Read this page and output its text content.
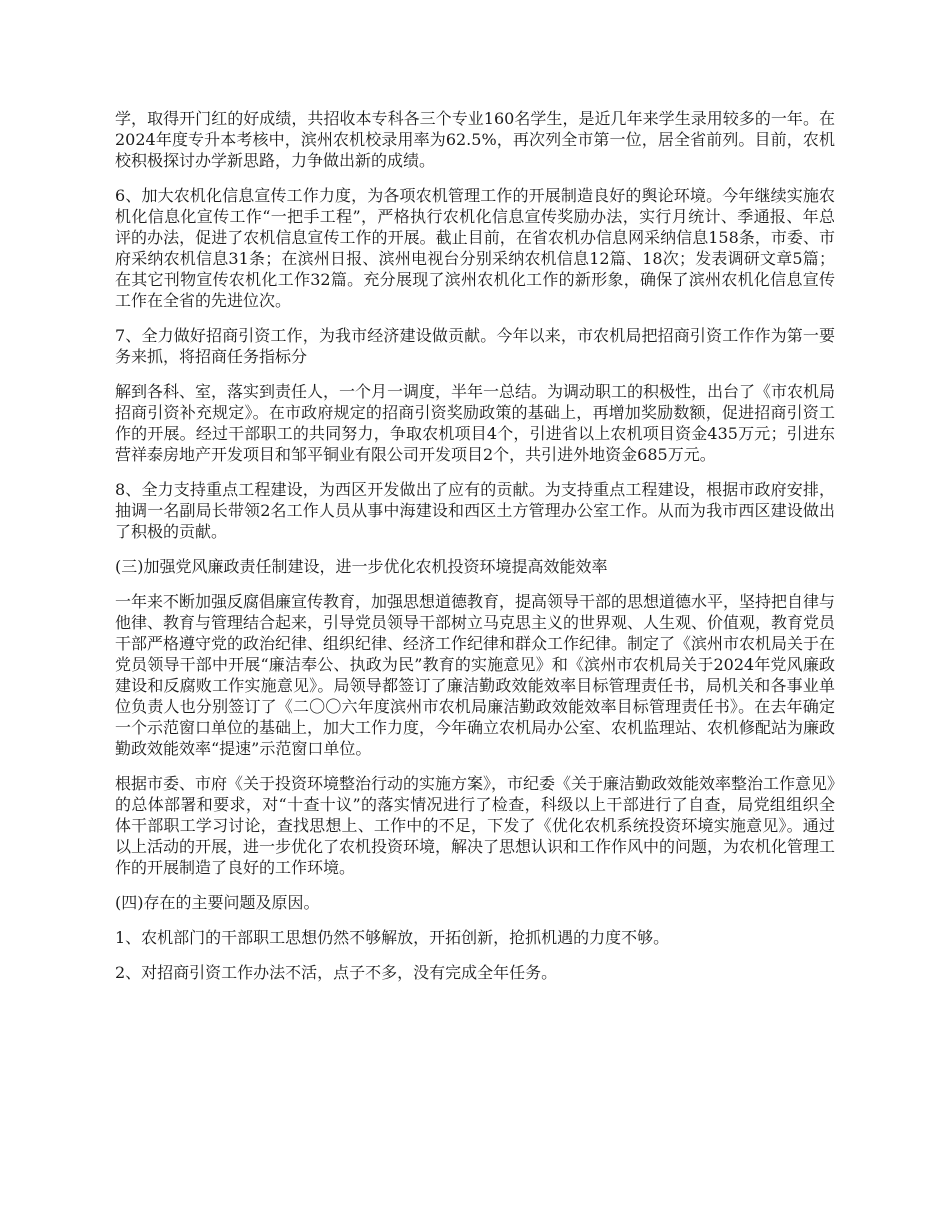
学，取得开门红的好成绩，共招收本专科各三个专业160名学生，是近几年来学生录用较多的一年。在2024年度专升本考核中，滨州农机校录用率为62.5%，再次列全市第一位，居全省前列。目前，农机校积极探讨办学新思路，力争做出新的成绩。

6、加大农机化信息宣传工作力度，为各项农机管理工作的开展制造良好的舆论环境。今年继续实施农机化信息化宣传工作“一把手工程”，严格执行农机化信息宣传奖励办法，实行月统计、季通报、年总评的办法，促进了农机信息宣传工作的开展。截止目前，在省农机办信息网采纳信息158条，市委、市府采纳农机信息31条；在滨州日报、滨州电视台分别采纳农机信息12篇、18次；发表调研文章5篇；在其它刊物宣传农机化工作32篇。充分展现了滨州农机化工作的新形象，确保了滨州农机化信息宣传工作在全省的先进位次。

7、全力做好招商引资工作，为我市经济建设做贡献。今年以来，市农机局把招商引资工作作为第一要务来抓，将招商任务指标分

解到各科、室，落实到责任人，一个月一调度，半年一总结。为调动职工的积极性，出台了《市农机局招商引资补充规定》。在市政府规定的招商引资奖励政策的基础上，再增加奖励数额，促进招商引资工作的开展。经过干部职工的共同努力，争取农机项目4个，引进省以上农机项目资金435万元；引进东营祥泰房地产开发项目和邹平铜业有限公司开发项目2个，共引进外地资金685万元。

8、全力支持重点工程建设，为西区开发做出了应有的贡献。为支持重点工程建设，根据市政府安排，抽调一名副局长带领2名工作人员从事中海建设和西区土方管理办公室工作。从而为我市西区建设做出了积极的贡献。

(三)加强党风廉政责任制建设，进一步优化农机投资环境提高效能效率

一年来不断加强反腐倡廉宣传教育，加强思想道德教育，提高领导干部的思想道德水平，坚持把自律与他律、教育与管理结合起来，引导党员领导干部树立马克思主义的世界观、人生观、价值观，教育党员干部严格遵守党的政治纪律、组织纪律、经济工作纪律和群众工作纪律。制定了《滨州市农机局关于在党员领导干部中开展“廉洁奉公、执政为民”教育的实施意见》和《滨州市农机局关于2024年党风廉政建设和反腐败工作实施意见》。局领导都签订了廉洁勤政效能效率目标管理责任书，局机关和各事业单位负责人也分别签订了《二〇〇六年度滨州市农机局廉洁勤政效能效率目标管理责任书》。在去年确定一个示范窗口单位的基础上，加大工作力度，今年确立农机局办公室、农机监理站、农机修配站为廉政勤政效能效率“提速”示范窗口单位。

根据市委、市府《关于投资环境整治行动的实施方案》，市纪委《关于廉洁勤政效能效率整治工作意见》的总体部署和要求，对“十查十议”的落实情况进行了检查，科级以上干部进行了自查，局党组组织全体干部职工学习讨论，查找思想上、工作中的不足，下发了《优化农机系统投资环境实施意见》。通过以上活动的开展，进一步优化了农机投资环境，解决了思想认识和工作作风中的问题，为农机化管理工作的开展制造了良好的工作环境。

(四)存在的主要问题及原因。

1、农机部门的干部职工思想仍然不够解放，开拓创新，抢抓机遇的力度不够。

2、对招商引资工作办法不活，点子不多，没有完成全年任务。
